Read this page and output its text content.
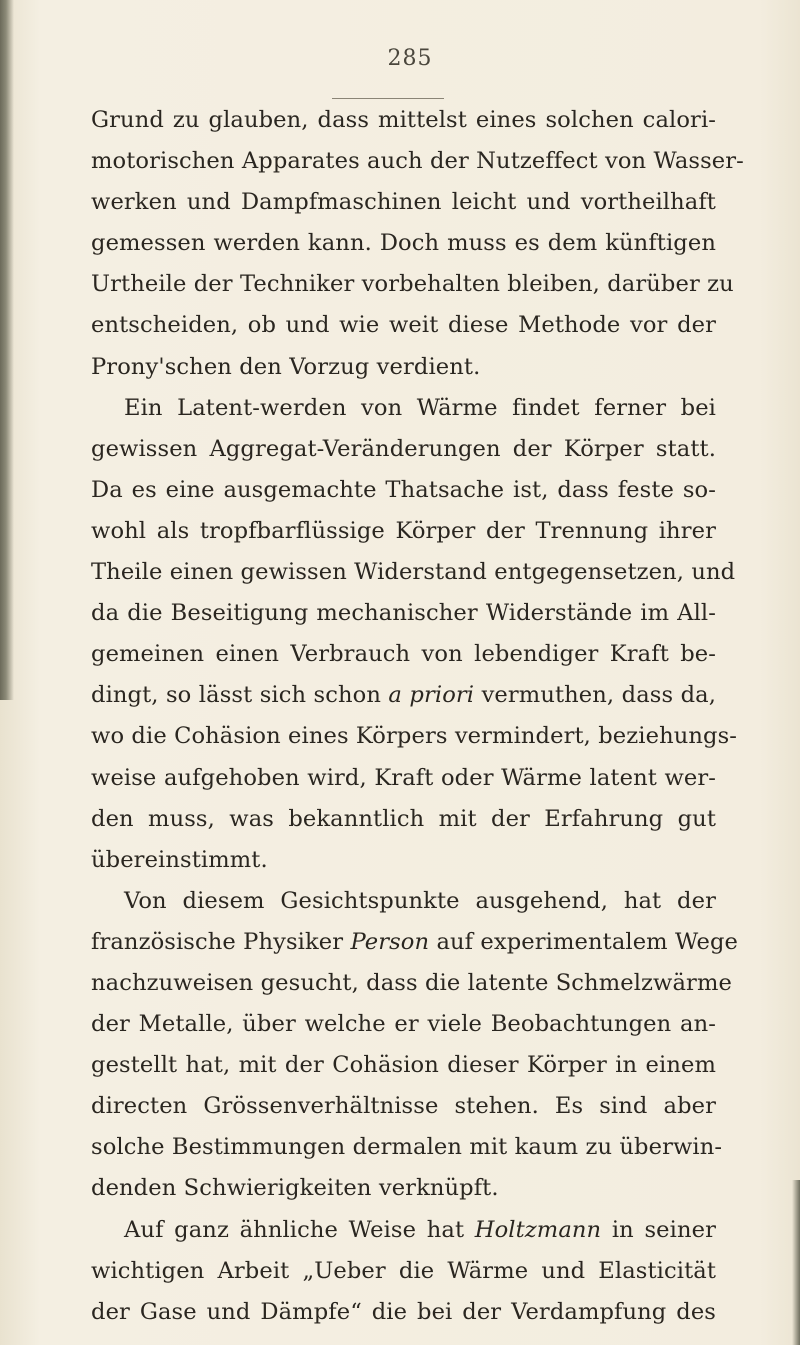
285
Grund zu glauben, dass mittelst eines solchen calori-
motorischen Apparates auch der Nutzeffect von Wasser-
werken und Dampfmaschinen leicht und vortheilhaft
gemessen werden kann. Doch muss es dem künftigen
Urtheile der Techniker vorbehalten bleiben, darüber zu
entscheiden, ob und wie weit diese Methode vor der
Prony'schen den Vorzug verdient.
Ein Latent-werden von Wärme findet ferner bei
gewissen Aggregat-Veränderungen der Körper statt.
Da es eine ausgemachte Thatsache ist, dass feste so-
wohl als tropfbarflüssige Körper der Trennung ihrer
Theile einen gewissen Widerstand entgegensetzen, und
da die Beseitigung mechanischer Widerstände im All-
gemeinen einen Verbrauch von lebendiger Kraft be-
dingt, so lässt sich schon a priori vermuthen, dass da,
wo die Cohäsion eines Körpers vermindert, beziehungs-
weise aufgehoben wird, Kraft oder Wärme latent wer-
den muss, was bekanntlich mit der Erfahrung gut
übereinstimmt.
Von diesem Gesichtspunkte ausgehend, hat der
französische Physiker Person auf experimentalem Wege
nachzuweisen gesucht, dass die latente Schmelzwärme
der Metalle, über welche er viele Beobachtungen an-
gestellt hat, mit der Cohäsion dieser Körper in einem
directen Grössenverhältnisse stehen. Es sind aber
solche Bestimmungen dermalen mit kaum zu überwin-
denden Schwierigkeiten verknüpft.
Auf ganz ähnliche Weise hat Holtzmann in seiner
wichtigen Arbeit „Ueber die Wärme und Elasticität
der Gase und Dämpfe“ die bei der Verdampfung des
